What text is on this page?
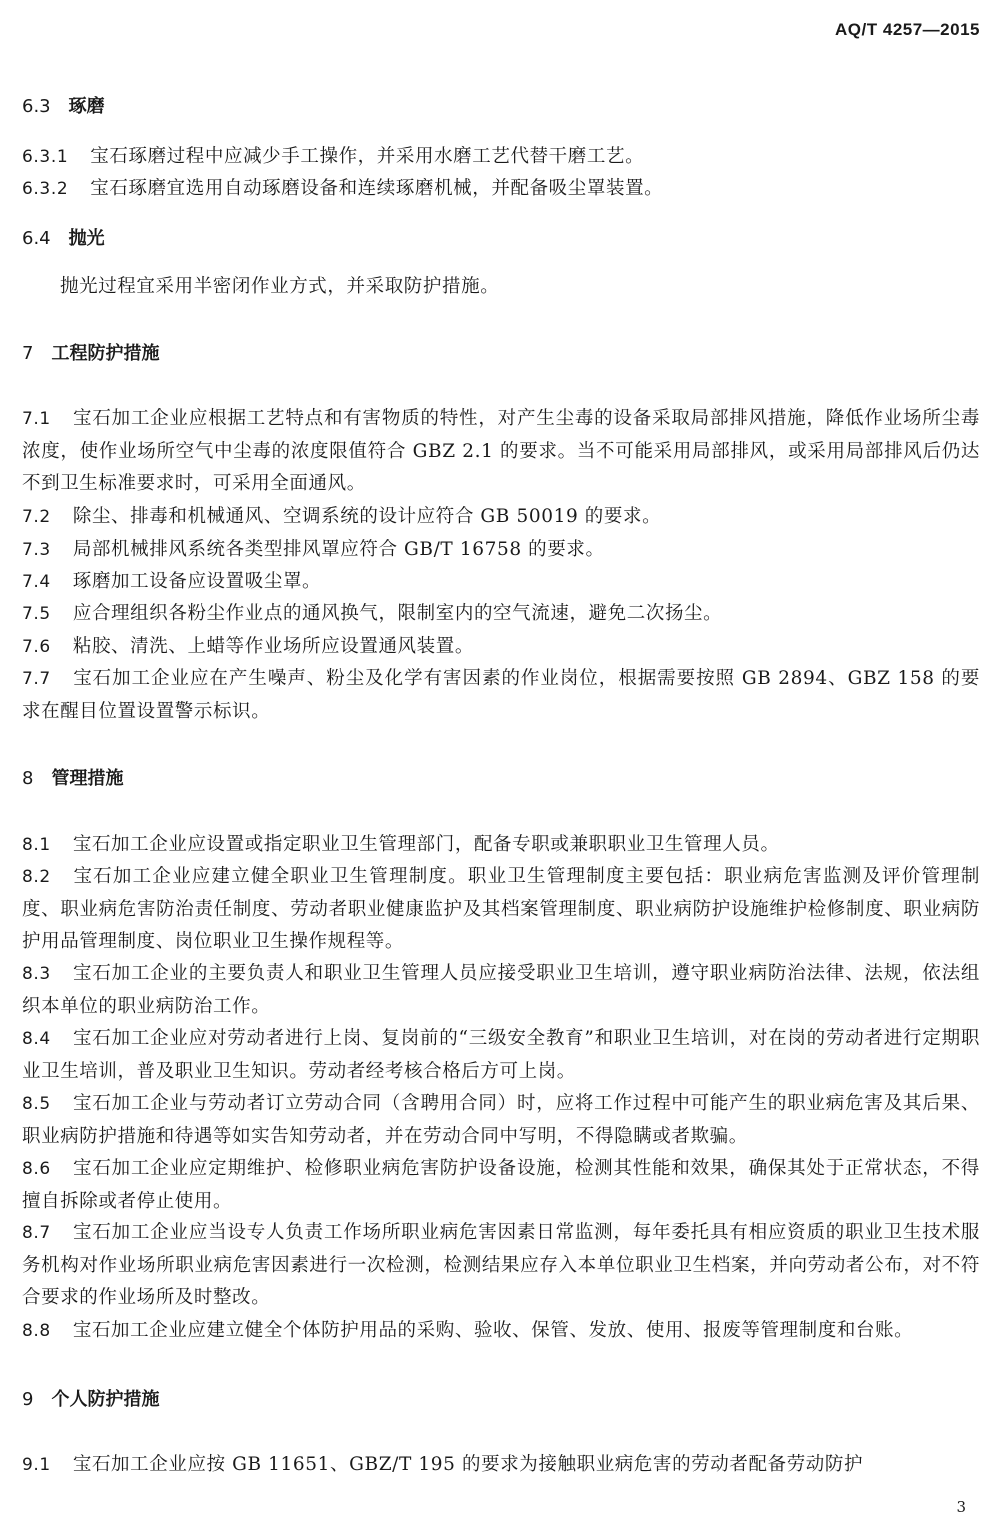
AQ/T 4257—2015
6.3 琢磨
6.3.1 宝石琢磨过程中应减少手工操作，并采用水磨工艺代替干磨工艺。
6.3.2 宝石琢磨宜选用自动琢磨设备和连续琢磨机械，并配备吸尘罩装置。
6.4 抛光
抛光过程宜采用半密闭作业方式，并采取防护措施。
7 工程防护措施
7.1 宝石加工企业应根据工艺特点和有害物质的特性，对产生尘毒的设备采取局部排风措施，降低作业场所尘毒浓度，使作业场所空气中尘毒的浓度限值符合 GBZ 2.1 的要求。当不可能采用局部排风，或采用局部排风后仍达不到卫生标准要求时，可采用全面通风。
7.2 除尘、排毒和机械通风、空调系统的设计应符合 GB 50019 的要求。
7.3 局部机械排风系统各类型排风罩应符合 GB/T 16758 的要求。
7.4 琢磨加工设备应设置吸尘罩。
7.5 应合理组织各粉尘作业点的通风换气，限制室内的空气流速，避免二次扬尘。
7.6 粘胶、清洗、上蜡等作业场所应设置通风装置。
7.7 宝石加工企业应在产生噪声、粉尘及化学有害因素的作业岗位，根据需要按照 GB 2894、GBZ 158 的要求在醒目位置设置警示标识。
8 管理措施
8.1 宝石加工企业应设置或指定职业卫生管理部门，配备专职或兼职职业卫生管理人员。
8.2 宝石加工企业应建立健全职业卫生管理制度。职业卫生管理制度主要包括：职业病危害监测及评价管理制度、职业病危害防治责任制度、劳动者职业健康监护及其档案管理制度、职业病防护设施维护检修制度、职业病防护用品管理制度、岗位职业卫生操作规程等。
8.3 宝石加工企业的主要负责人和职业卫生管理人员应接受职业卫生培训，遵守职业病防治法律、法规，依法组织本单位的职业病防治工作。
8.4 宝石加工企业应对劳动者进行上岗、复岗前的“三级安全教育”和职业卫生培训，对在岗的劳动者进行定期职业卫生培训，普及职业卫生知识。劳动者经考核合格后方可上岗。
8.5 宝石加工企业与劳动者订立劳动合同（含聘用合同）时，应将工作过程中可能产生的职业病危害及其后果、职业病防护措施和待遇等如实告知劳动者，并在劳动合同中写明，不得隐瞒或者欺骗。
8.6 宝石加工企业应定期维护、检修职业病危害防护设备设施，检测其性能和效果，确保其处于正常状态，不得擅自拆除或者停止使用。
8.7 宝石加工企业应当设专人负责工作场所职业病危害因素日常监测，每年委托具有相应资质的职业卫生技术服务机构对作业场所职业病危害因素进行一次检测，检测结果应存入本单位职业卫生档案，并向劳动者公布，对不符合要求的作业场所及时整改。
8.8 宝石加工企业应建立健全个体防护用品的采购、验收、保管、发放、使用、报废等管理制度和台账。
9 个人防护措施
9.1 宝石加工企业应按 GB 11651、GBZ/T 195 的要求为接触职业病危害的劳动者配备劳动防护
3
